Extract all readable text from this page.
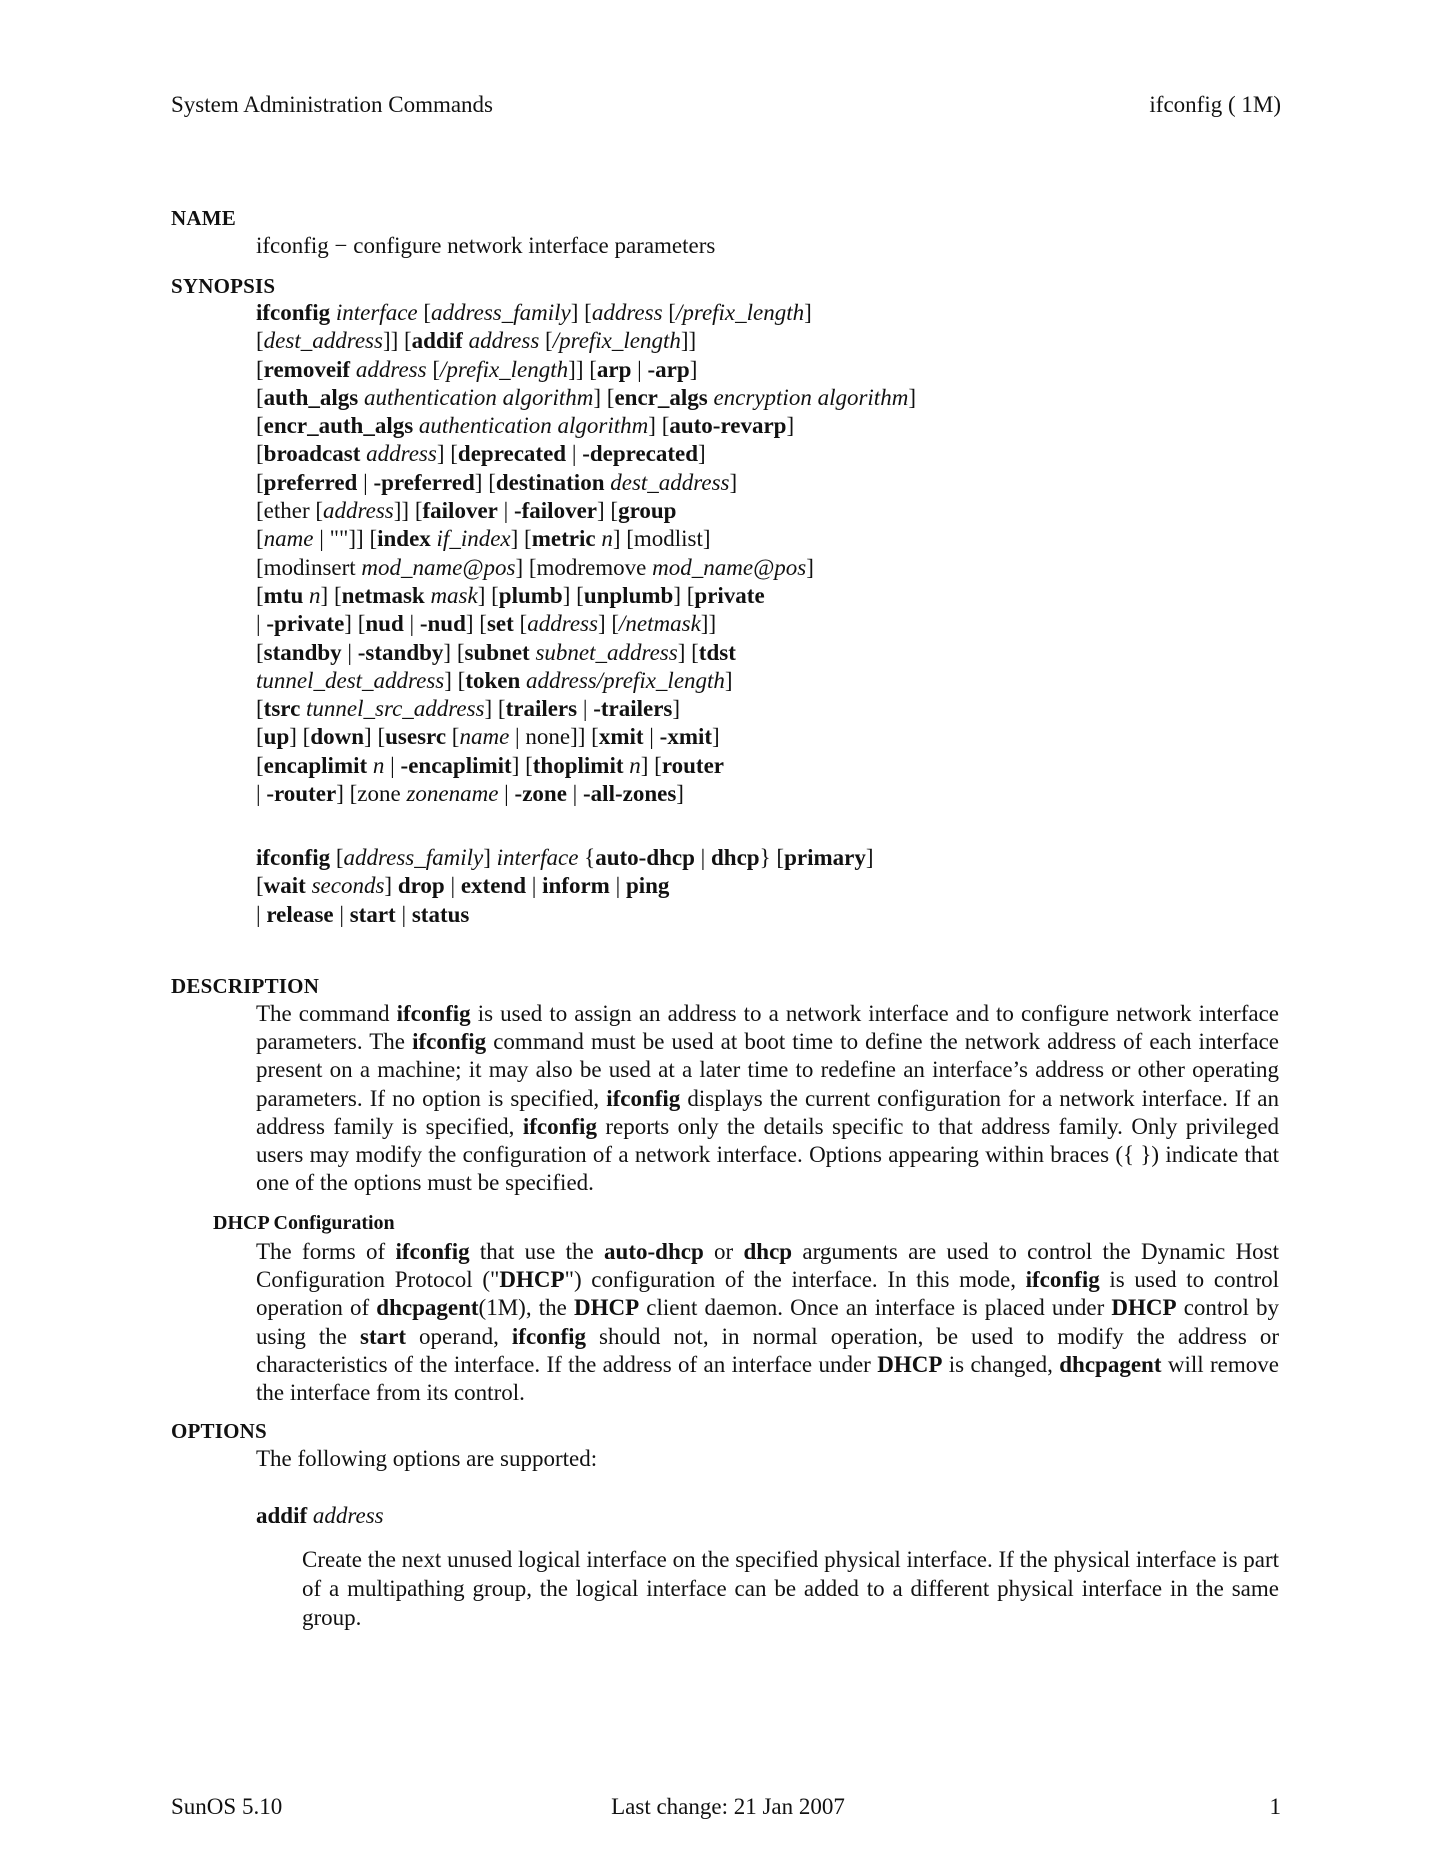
System Administration Commands	ifconfig ( 1M)
NAME
ifconfig − configure network interface parameters
SYNOPSIS
ifconfig interface [address_family] [address [/prefix_length]
[dest_address]] [addif address [/prefix_length]]
[removeif address [/prefix_length]] [arp | -arp]
[auth_algs authentication algorithm] [encr_algs encryption algorithm]
[encr_auth_algs authentication algorithm] [auto-revarp]
[broadcast address] [deprecated | -deprecated]
[preferred | -preferred] [destination dest_address]
[ether [address]] [failover | -failover] [group
[name | ""]] [index if_index] [metric n] [modlist]
[modinsert mod_name@pos] [modremove mod_name@pos]
[mtu n] [netmask mask] [plumb] [unplumb] [private
| -private] [nud | -nud] [set [address] [/netmask]]
[standby | -standby] [subnet subnet_address] [tdst
tunnel_dest_address] [token address/prefix_length]
[tsrc tunnel_src_address] [trailers | -trailers]
[up] [down] [usesrc [name | none]] [xmit | -xmit]
[encaplimit n | -encaplimit] [thoplimit n] [router
| -router] [zone zonename | -zone | -all-zones]
ifconfig [address_family] interface {auto-dhcp | dhcp} [primary]
[wait seconds] drop | extend | inform | ping
| release | start | status
DESCRIPTION
The command ifconfig is used to assign an address to a network interface and to configure network interface parameters. The ifconfig command must be used at boot time to define the network address of each interface present on a machine; it may also be used at a later time to redefine an interface’s address or other operating parameters. If no option is specified, ifconfig displays the current configuration for a network interface. If an address family is specified, ifconfig reports only the details specific to that address family. Only privileged users may modify the configuration of a network interface. Options appearing within braces ({ }) indicate that one of the options must be specified.
DHCP Configuration
The forms of ifconfig that use the auto-dhcp or dhcp arguments are used to control the Dynamic Host Configuration Protocol ("DHCP") configuration of the interface. In this mode, ifconfig is used to control operation of dhcpagent(1M), the DHCP client daemon. Once an interface is placed under DHCP control by using the start operand, ifconfig should not, in normal operation, be used to modify the address or characteristics of the interface. If the address of an interface under DHCP is changed, dhcpagent will remove the interface from its control.
OPTIONS
The following options are supported:
addif address
Create the next unused logical interface on the specified physical interface. If the physical interface is part of a multipathing group, the logical interface can be added to a different physical interface in the same group.
SunOS 5.10	Last change: 21 Jan 2007	1
